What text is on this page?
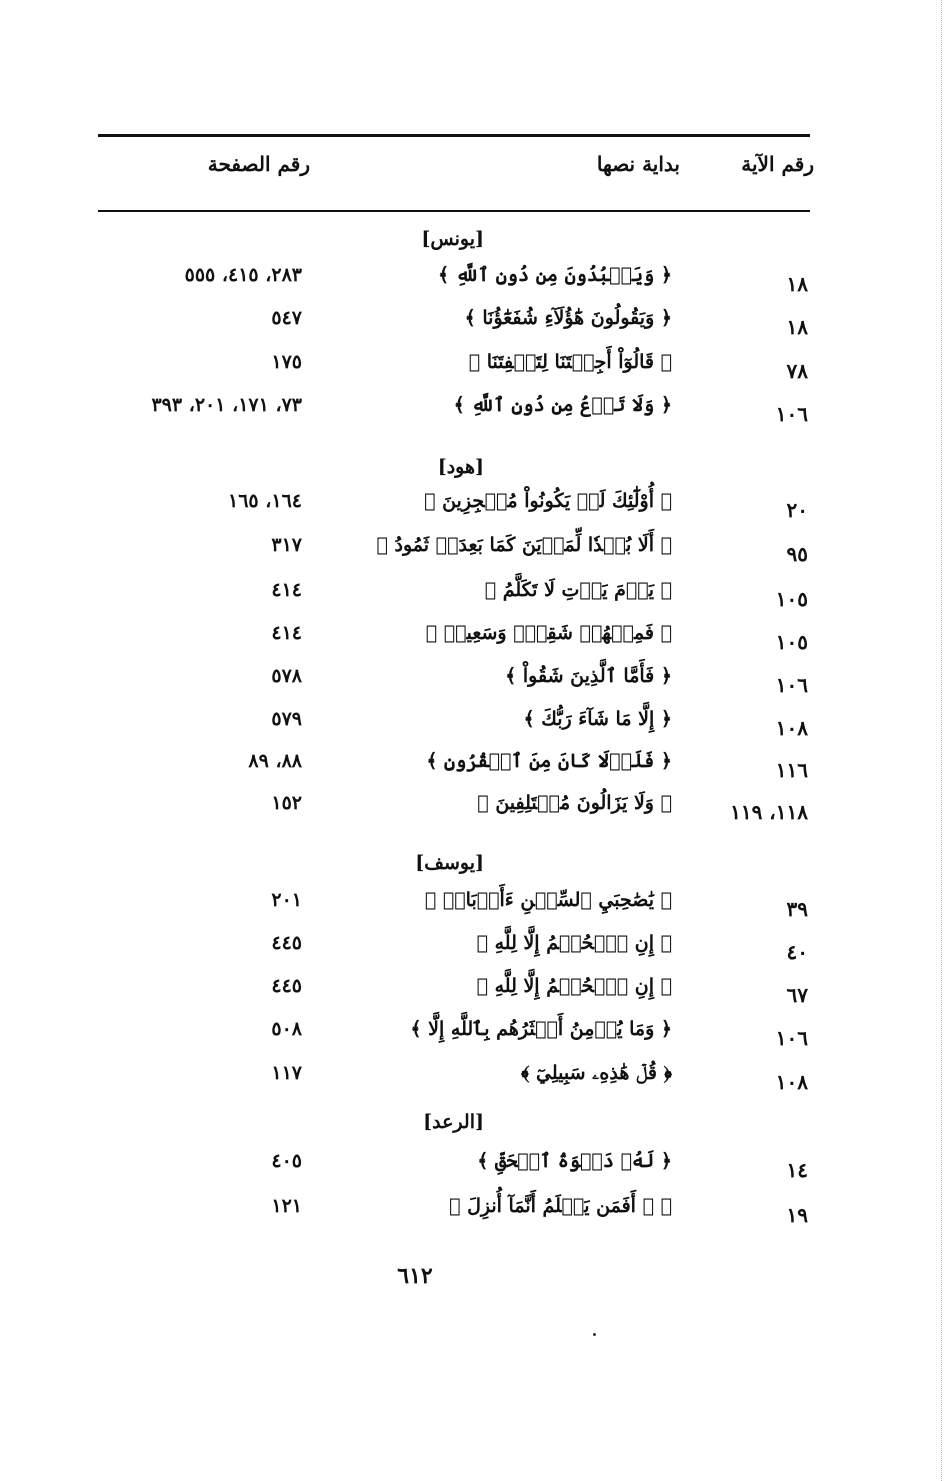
رقم الآية
بداية نصها
رقم الصفحة
[يونس]
١٨
﴿ وَيَعۡبُدُونَ مِن دُونِ ٱللَّهِ ﴾
٢٨٣، ٤١٥، ٥٥٥
١٨
﴿ وَيَقُولُونَ هَٰٓؤُلَآءِ شُفَعَٰٓؤُنَا ﴾
٥٤٧
٧٨
﴿ قَالُوٓاْ أَجِئۡتَنَا لِتَلۡفِتَنَا ﴾
١٧٥
١٠٦
﴿ وَلَا تَدۡعُ مِن دُونِ ٱللَّهِ ﴾
٧٣، ١٧١، ٢٠١، ٣٩٣
[هود]
٢٠
﴿ أُوْلَٰٓئِكَ لَمۡ يَكُونُواْ مُعۡجِزِينَ ﴾
١٦٤، ١٦٥
٩٥
﴿ أَلَا بُعۡدٗا لِّمَدۡيَنَ كَمَا بَعِدَتۡ ثَمُودُ ﴾
٣١٧
١٠٥
﴿ يَوۡمَ يَأۡتِ لَا تَكَلَّمُ ﴾
٤١٤
١٠٥
﴿ فَمِنۡهُمۡ شَقِيّٞ وَسَعِيدٞ ﴾
٤١٤
١٠٦
﴿ فَأَمَّا ٱلَّذِينَ شَقُواْ ﴾
٥٧٨
١٠٨
﴿ إِلَّا مَا شَآءَ رَبُّكَ ﴾
٥٧٩
١١٦
﴿ فَلَوۡلَا كَانَ مِنَ ٱلۡقُرُونِ ﴾
٨٨، ٨٩
١١٨، ١١٩
﴿ وَلَا يَزَالُونَ مُخۡتَلِفِينَ ﴾
١٥٢
[يوسف]
٣٩
﴿ يَٰصَٰحِبَيِ ٱلسِّجۡنِ ءَأَرۡبَابٞ ﴾
٢٠١
٤٠
﴿ إِنِ ٱلۡحُكۡمُ إِلَّا لِلَّهِ ﴾
٤٤٥
٦٧
﴿ إِنِ ٱلۡحُكۡمُ إِلَّا لِلَّهِ ﴾
٤٤٥
١٠٦
﴿ وَمَا يُؤۡمِنُ أَكۡثَرُهُم بِٱللَّهِ إِلَّا ﴾
٥٠٨
١٠٨
﴿ قُلۡ هَٰذِهِۦ سَبِيلِيٓ ﴾
١١٧
[الرعد]
١٤
﴿ لَهُۥ دَعۡوَةُ ٱلۡحَقِّ ﴾
٤٠٥
١٩
﴿ ۞ أَفَمَن يَعۡلَمُ أَنَّمَآ أُنزِلَ ﴾
١٢١
٦١٢
